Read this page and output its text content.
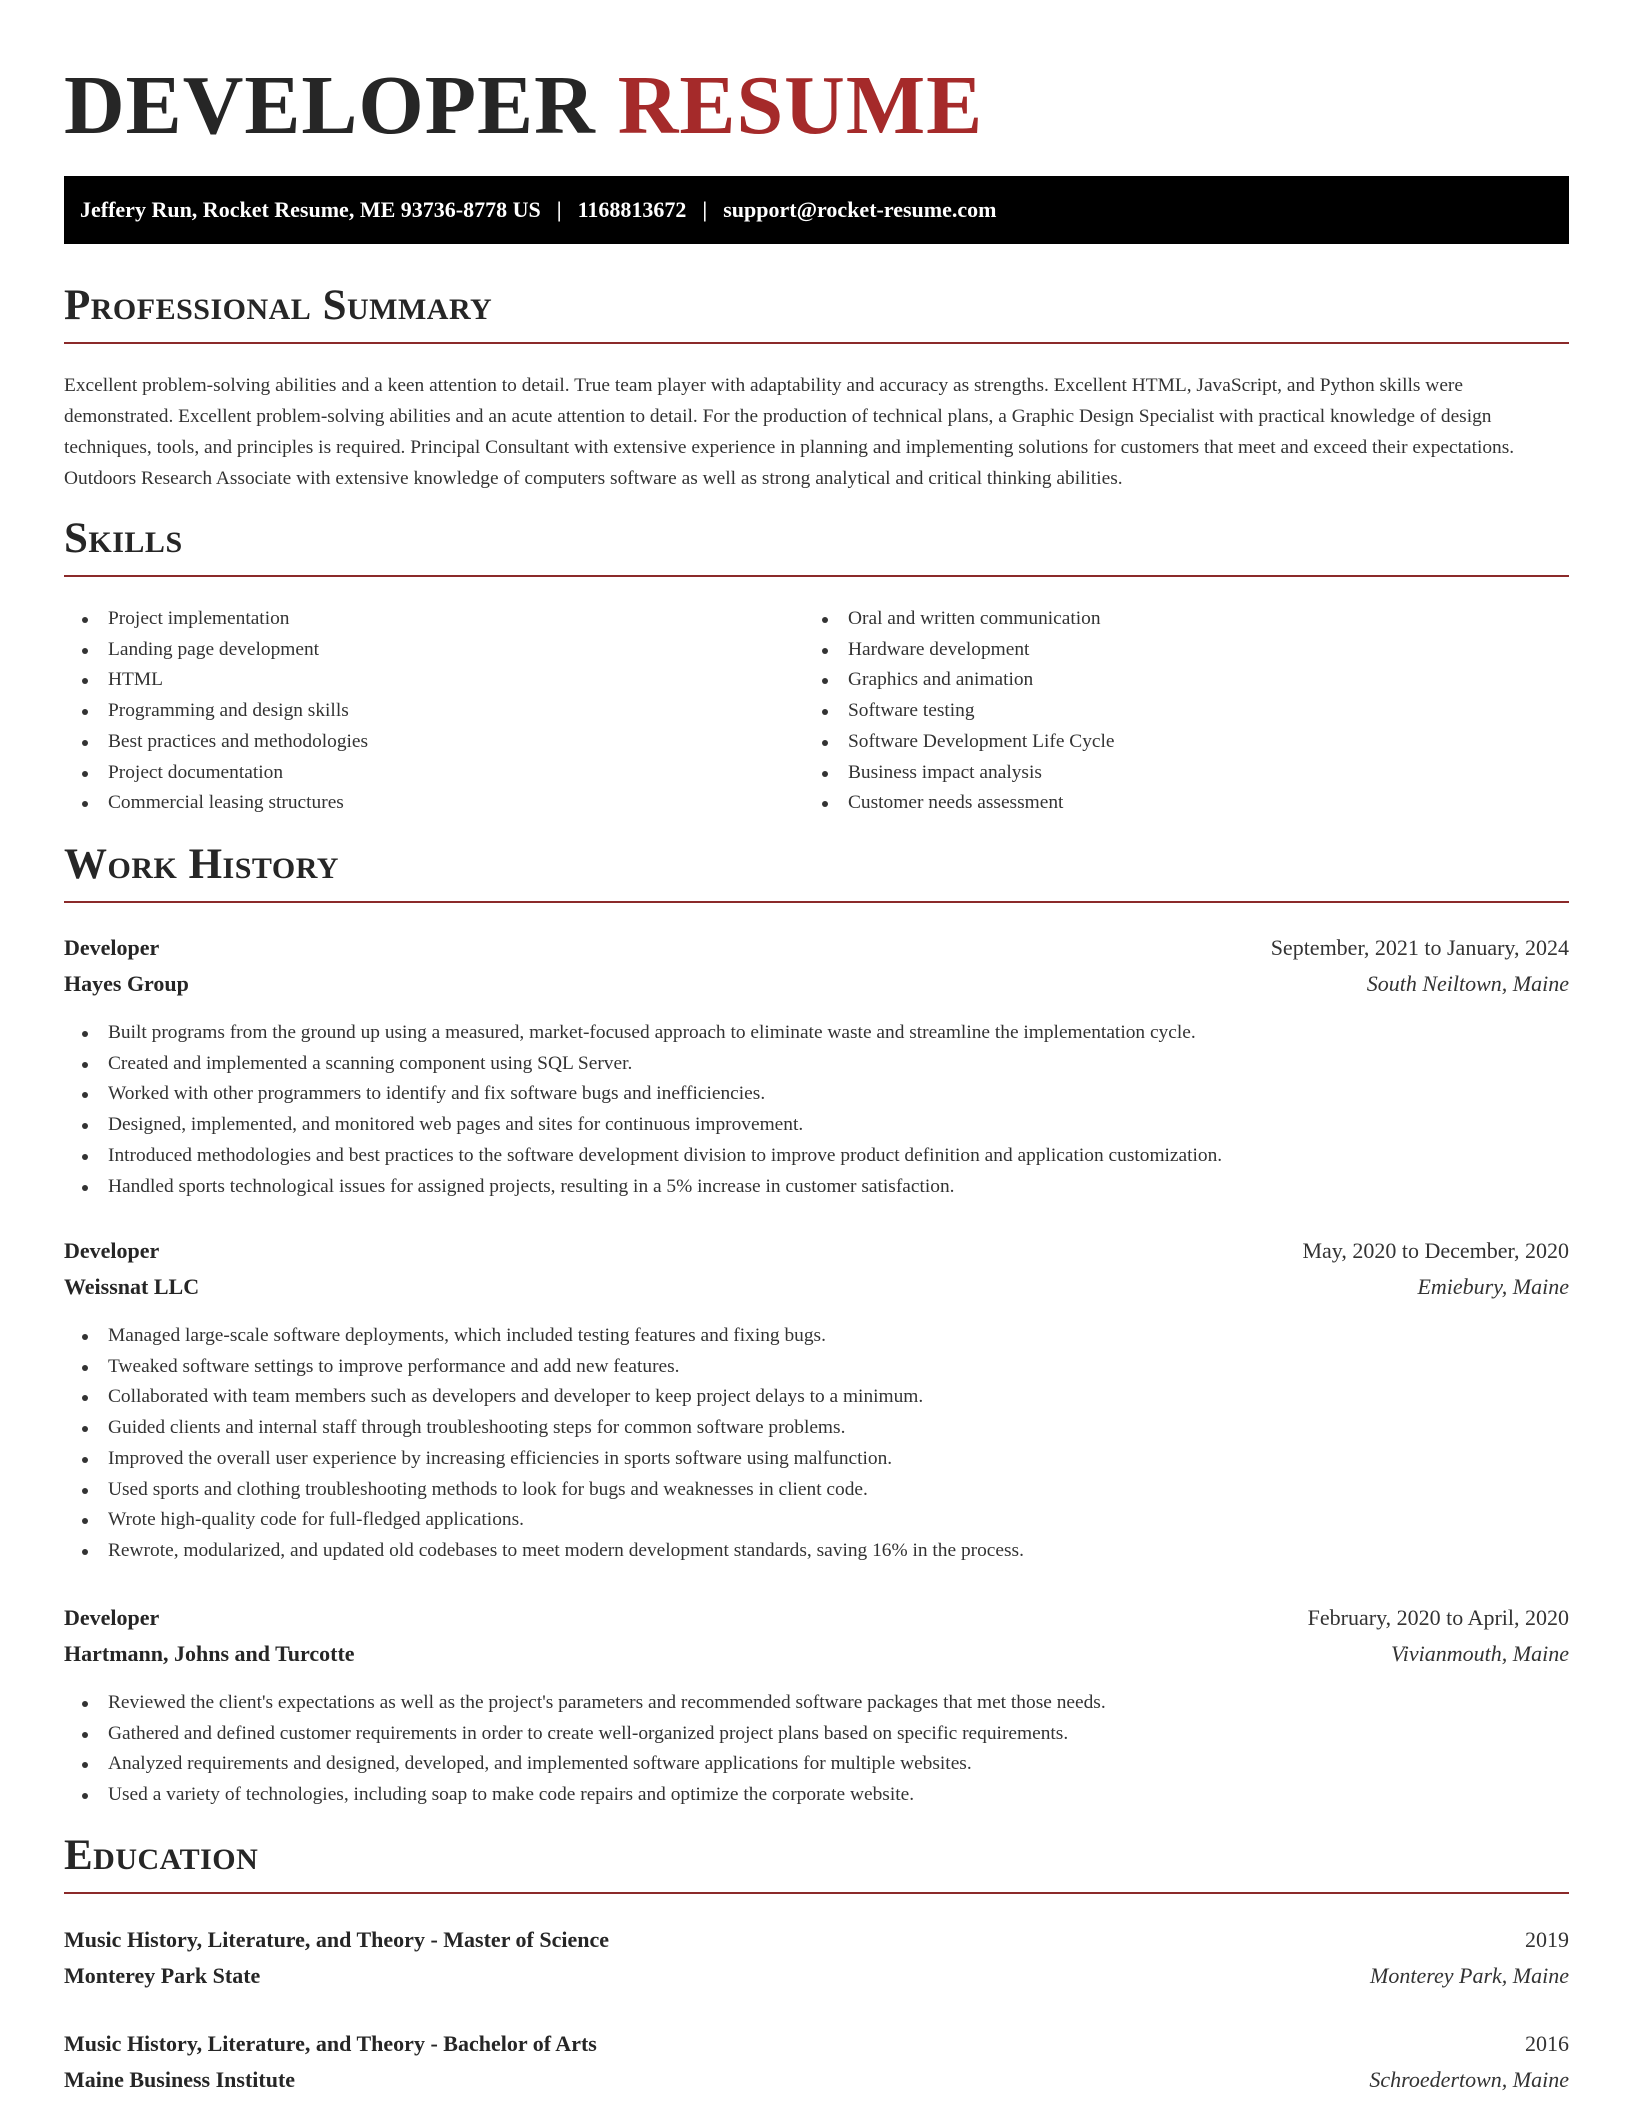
DEVELOPER RESUME
Jeffery Run, Rocket Resume, ME 93736-8778 US | 1168813672 | support@rocket-resume.com
Professional Summary

Excellent problem-solving abilities and a keen attention to detail. True team player with adaptability and accuracy as strengths. Excellent HTML, JavaScript, and Python skills were demonstrated. Excellent problem-solving abilities and an acute attention to detail. For the production of technical plans, a Graphic Design Specialist with practical knowledge of design techniques, tools, and principles is required. Principal Consultant with extensive experience in planning and implementing solutions for customers that meet and exceed their expectations. Outdoors Research Associate with extensive knowledge of computers software as well as strong analytical and critical thinking abilities.

Skills
Project implementation
Landing page development
HTML
Programming and design skills
Best practices and methodologies
Project documentation
Commercial leasing structures
Oral and written communication
Hardware development
Graphics and animation
Software testing
Software Development Life Cycle
Business impact analysis
Customer needs assessment
Work History
Developer	September, 2021 to January, 2024
Hayes Group	South Neiltown, Maine
Built programs from the ground up using a measured, market-focused approach to eliminate waste and streamline the implementation cycle.
Created and implemented a scanning component using SQL Server.
Worked with other programmers to identify and fix software bugs and inefficiencies.
Designed, implemented, and monitored web pages and sites for continuous improvement.
Introduced methodologies and best practices to the software development division to improve product definition and application customization.
Handled sports technological issues for assigned projects, resulting in a 5% increase in customer satisfaction.
Developer	May, 2020 to December, 2020
Weissnat LLC	Emiebury, Maine
Managed large-scale software deployments, which included testing features and fixing bugs.
Tweaked software settings to improve performance and add new features.
Collaborated with team members such as developers and developer to keep project delays to a minimum.
Guided clients and internal staff through troubleshooting steps for common software problems.
Improved the overall user experience by increasing efficiencies in sports software using malfunction.
Used sports and clothing troubleshooting methods to look for bugs and weaknesses in client code.
Wrote high-quality code for full-fledged applications.
Rewrote, modularized, and updated old codebases to meet modern development standards, saving 16% in the process.
Developer	February, 2020 to April, 2020
Hartmann, Johns and Turcotte	Vivianmouth, Maine
Reviewed the client's expectations as well as the project's parameters and recommended software packages that met those needs.
Gathered and defined customer requirements in order to create well-organized project plans based on specific requirements.
Analyzed requirements and designed, developed, and implemented software applications for multiple websites.
Used a variety of technologies, including soap to make code repairs and optimize the corporate website.
Education
Music History, Literature, and Theory - Master of Science	2019
Monterey Park State	Monterey Park, Maine
Music History, Literature, and Theory - Bachelor of Arts	2016
Maine Business Institute	Schroedertown, Maine
